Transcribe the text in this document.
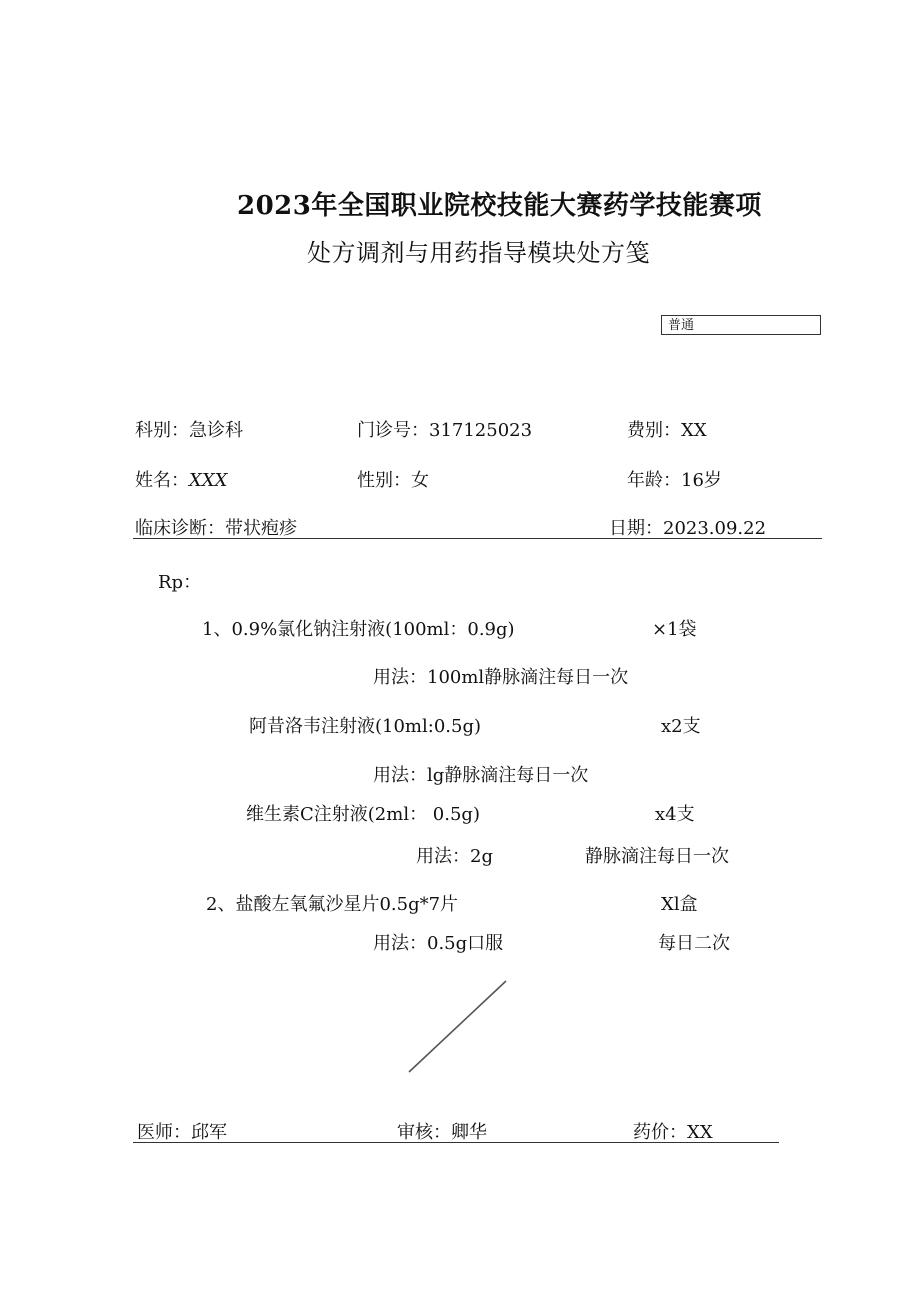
2023年全国职业院校技能大赛药学技能赛项
处方调剂与用药指导模块处方笺
普通
科别：急诊科	门诊号：317125023	费别：XX
姓名：XXX	性别：女	年龄：16岁
临床诊断：带状疱疹	日期：2023.09.22
Rp：
1、0.9%氯化钠注射液(100ml：0.9g)	×1袋
用法：100ml静脉滴注每日一次
阿昔洛韦注射液(10ml:0.5g)	x2支
用法：lg静脉滴注每日一次
维生素C注射液(2ml： 0.5g)	x4支
用法：2g	静脉滴注每日一次
2、盐酸左氧氟沙星片0.5g*7片	Xl盒
用法：0.5g口服	每日二次
医师：邱军	审核：卿华	药价：XX
